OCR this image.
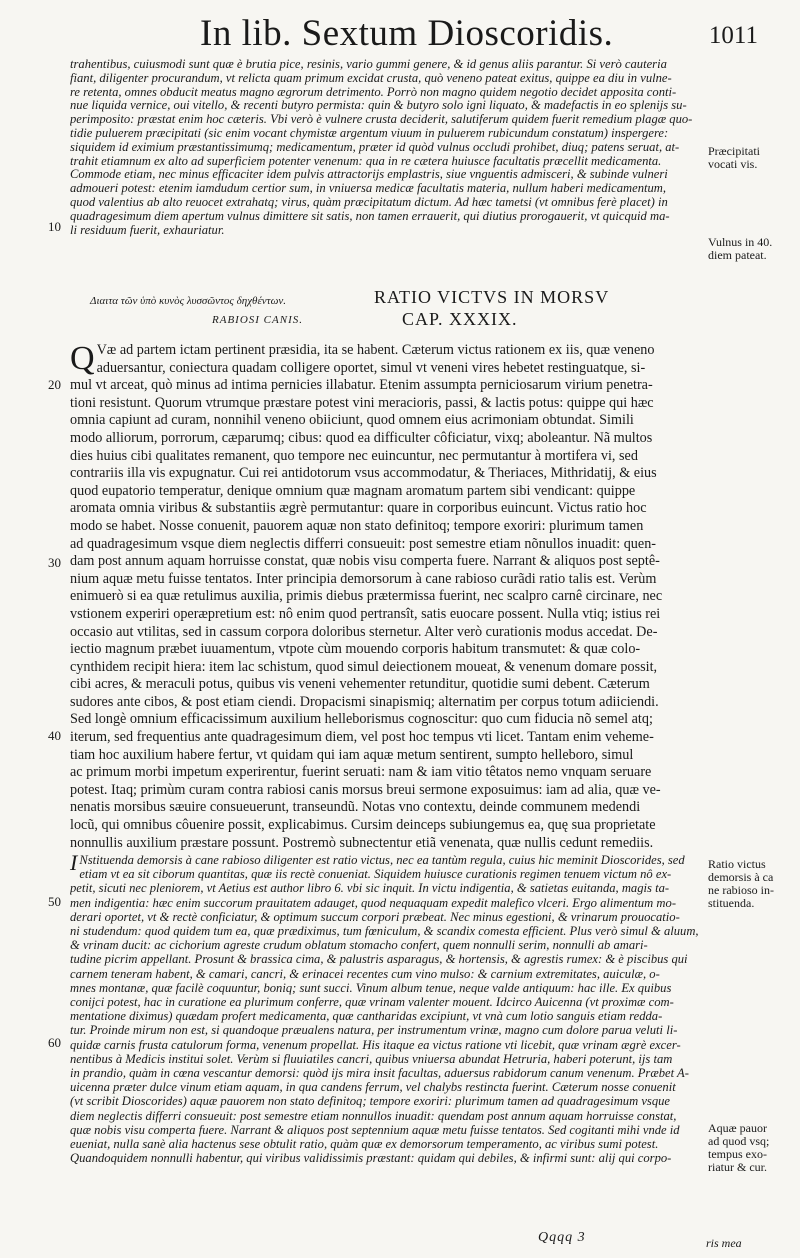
In lib. Sextum Dioscoridis.	1011
trahentibus, cuiusmodi sunt quæ è brutia pice, resinis, vario gummi genere, & id genus aliis parantur. Si verò cauteria
fiant, diligenter procurandum, vt relicta quam primum excidat crusta, quò veneno pateat exitus, quippe ea diu in vulne-
re retenta, omnes obducit meatus magno ægrorum detrimento. Porrò non magno quidem negotio decidet apposita conti-
nue liquida vernice, oui vitello, & recenti butyro permista: quin & butyro solo igni liquato, & madefactis in eo splenijs su-
perimposito: præstat enim hoc cæteris. Vbi verò è vulnere crusta deciderit, salutiferum quidem fuerit remedium plagæ quo-
tidie puluerem præcipitati (sic enim vocant chymistæ argentum viuum in puluerem rubicundum constatum) inspergere:
siquidem id eximium præstantissimumq; medicamentum, præter id quòd vulnus occludi prohibet, diuq; patens seruat, at-
trahit etiamnum ex alto ad superficiem potenter venenum: qua in re cætera huiusce facultatis præcellit medicamenta.
Commode etiam, nec minus efficaciter idem pulvis attractorijs emplastris, siue vnguentis admisceri, & subinde vulneri
admoueri potest: etenim iamdudum certior sum, in vniuersa medicæ facultatis materia, nullum haberi medicamentum,
quod valentius ab alto reuocet extrahatq; virus, quàm præcipitatum dictum. Ad hæc tametsi (vt omnibus ferè placet) in
quadragesimum diem apertum vulnus dimittere sit satis, non tamen errauerit, qui diutius prorogauerit, vt quicquid ma-
li residuum fuerit, exhauriatur.
Διαιτα τῶν ὑπὸ κυνὸς λυσσῶντος δηχθέντων.
RABIOSI CANIS.
RATIO VICTVS IN MORSV
CAP. XXXIX.
Q Væ ad partem ictam pertinent præsidia, ita se habent. Cæterum victus rationem ex iis, quæ veneno
aduersantur, coniectura quadam colligere oportet, simul vt veneni vires hebetet restinguatque, si-
mul vt arceat, quò minus ad intima pernicies illabatur. Etenim assumpta perniciosarum virium penetra-
tioni resistunt. Quorum vtrumque præstare potest vini meracioris, passi, & lactis potus: quippe qui hæc
omnia capiunt ad curam, nonnihil veneno obiiciunt, quod omnem eius acrimoniam obtundat. Simili
modo alliorum, porrorum, cæparumq; cibus: quod ea difficulter côficiatur, vixq; aboleantur. Nã multos
dies huius cibi qualitates remanent, quo tempore nec euincuntur, nec permutantur à mortifera vi, sed
contrariis illa vis expugnatur. Cui rei antidotorum vsus accommodatur, & Theriaces, Mithridatij, & eius
quod eupatorio temperatur, denique omnium quæ magnam aromatum partem sibi vendicant: quippe
aromata omnia viribus & substantiis ægrè permutantur: quare in corporibus euincunt. Victus ratio hoc
modo se habet. Nosse conuenit, pauorem aquæ non stato definitoq; tempore exoriri: plurimum tamen
ad quadragesimum vsque diem neglectis differri consueuit: post semestre etiam nõnullos inuadit: quen-
dam post annum aquam horruisse constat, quæ nobis visu comperta fuere. Narrant & aliquos post septê-
nium aquæ metu fuisse tentatos. Inter principia demorsorum à cane rabioso curãdi ratio talis est. Verùm
enimuerò si ea quæ retulimus auxilia, primis diebus prætermissa fuerint, nec scalpro carnê circinare, nec
vstionem experiri operæpretium est: nô enim quod pertransît, satis euocare possent. Nulla vtiq; istius rei
occasio aut vtilitas, sed in cassum corpora doloribus sternetur. Alter verò curationis modus accedat. De-
iectio magnum præbet iuuamentum, vtpote cùm mouendo corporis habitum transmutet: & quæ colo-
cynthidem recipit hiera: item lac schistum, quod simul deiectionem moueat, & venenum domare possit,
cibi acres, & meraculi potus, quibus vis veneni vehementer retunditur, quotidie sumi debent. Cæterum
sudores ante cibos, & post etiam ciendi. Dropacismi sinapismiq; alternatim per corpus totum adiiciendi.
Sed longè omnium efficacissimum auxilium helleborismus cognoscitur: quo cum fiducia nõ semel atq;
iterum, sed frequentius ante quadragesimum diem, vel post hoc tempus vti licet. Tantam enim veheme-
tiam hoc auxilium habere fertur, vt quidam qui iam aquæ metum sentirent, sumpto helleboro, simul
ac primum morbi impetum experirentur, fuerint seruati: nam & iam vitio têtatos nemo vnquam seruare
potest. Itaq; primùm curam contra rabiosi canis morsus breui sermone exposuimus: iam ad alia, quæ ve-
nenatis morsibus sæuire consueuerunt, transeundũ. Notas vno contextu, deinde communem medendi
locũ, qui omnibus côuenire possit, explicabimus. Cursim deinceps subiungemus ea, quę sua proprietate
nonnullis auxilium præstare possunt. Postremò subnectentur etiã venenata, quæ nullis cedunt remediis.
I Nstituenda demorsis à cane rabioso diligenter est ratio victus, nec ea tantùm regula, cuius hic meminit Dioscorides, sed
etiam vt ea sit ciborum quantitas, quæ iis rectè conueniat. Siquidem huiusce curationis regimen tenuem victum nô ex-
petit, sicuti nec pleniorem, vt Aetius est author libro 6. vbi sic inquit. In victu indigentia, & satietas euitanda, magis ta-
men indigentia: hæc enim succorum prauitatem adauget, quod nequaquam expedit malefico vlceri. Ergo alimentum mo-
derari oportet, vt & rectè conficiatur, & optimum succum corpori præbeat. Nec minus egestioni, & vrinarum prouocatio-
ni studendum: quod quidem tum ea, quæ prædiximus, tum fœniculum, & scandix comesta efficient. Plus verò simul & aluum,
& vrinam ducit: ac cichorium agreste crudum oblatum stomacho confert, quem nonnulli serim, nonnulli ab amari-
tudine picrim appellant. Prosunt & brassica cima, & palustris asparagus, & hortensis, & agrestis rumex: & è piscibus qui
carnem teneram habent, & camari, cancri, & erinacei recentes cum vino mulso: & carnium extremitates, auiculæ, o-
mnes montanæ, quæ facilè coquuntur, boniq; sunt succi. Vinum album tenue, neque valde antiquum: hac ille. Ex quibus
conijci potest, hac in curatione ea plurimum conferre, quæ vrinam valenter mouent. Idcirco Auicenna (vt proximæ com-
mentatione diximus) quædam profert medicamenta, quæ cantharidas excipiunt, vt vnà cum lotio sanguis etiam redda-
tur. Proinde mirum non est, si quandoque præualens natura, per instrumentum vrinæ, magno cum dolore parua veluti li-
quidæ carnis frusta catulorum forma, venenum propellat. His itaque ea victus ratione vti licebit, quæ vrinam ægrè excer-
nentibus à Medicis institui solet. Verùm si fluuiatiles cancri, quibus vniuersa abundat Hetruria, haberi poterunt, ijs tam
in prandio, quàm in cœna vescantur demorsi: quòd ijs mira insit facultas, aduersus rabidorum canum venenum. Præbet A-
uicenna præter dulce vinum etiam aquam, in qua candens ferrum, vel chalybs restincta fuerint. Cæterum nosse conuenit
(vt scribit Dioscorides) aquæ pauorem non stato definitoq; tempore exoriri: plurimum tamen ad quadragesimum vsque
diem neglectis differri consueuit: post semestre etiam nonnullos inuadit: quendam post annum aquam horruisse constat,
quæ nobis visu comperta fuere. Narrant & aliquos post septennium aquæ metu fuisse tentatos. Sed cogitanti mihi vnde id
eueniat, nulla sanè alia hactenus sese obtulit ratio, quàm quæ ex demorsorum temperamento, ac viribus sumi potest.
Quandoquidem nonnulli habentur, qui viribus validissimis præstant: quidam qui debiles, & infirmi sunt: alij qui corpo-
10
20
30
40
50
60
Præcipitati
vocati vis.
Vulnus in 40.
diem pateat.
Ratio victus
demorsis à ca
ne rabioso in-
stituenda.
Aquæ pauor
ad quod vsq;
tempus exo-
riatur & cur.
Qqqq 3	ris mea
